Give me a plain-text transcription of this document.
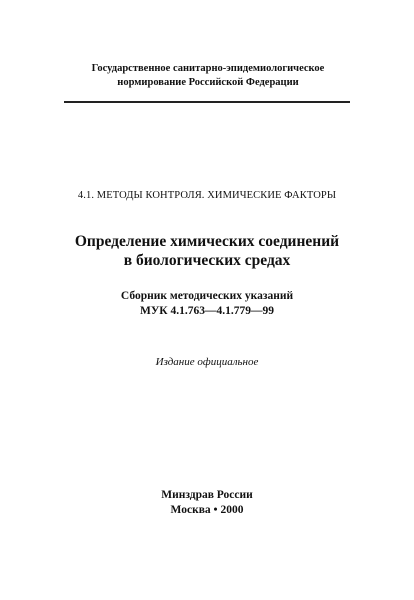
Государственное санитарно-эпидемиологическое
нормирование Российской Федерации
4.1. МЕТОДЫ КОНТРОЛЯ. ХИМИЧЕСКИЕ ФАКТОРЫ
Определение химических соединений
в биологических средах
Сборник методических указаний
МУК 4.1.763—4.1.779—99
Издание официальное
Минздрав России
Москва • 2000
